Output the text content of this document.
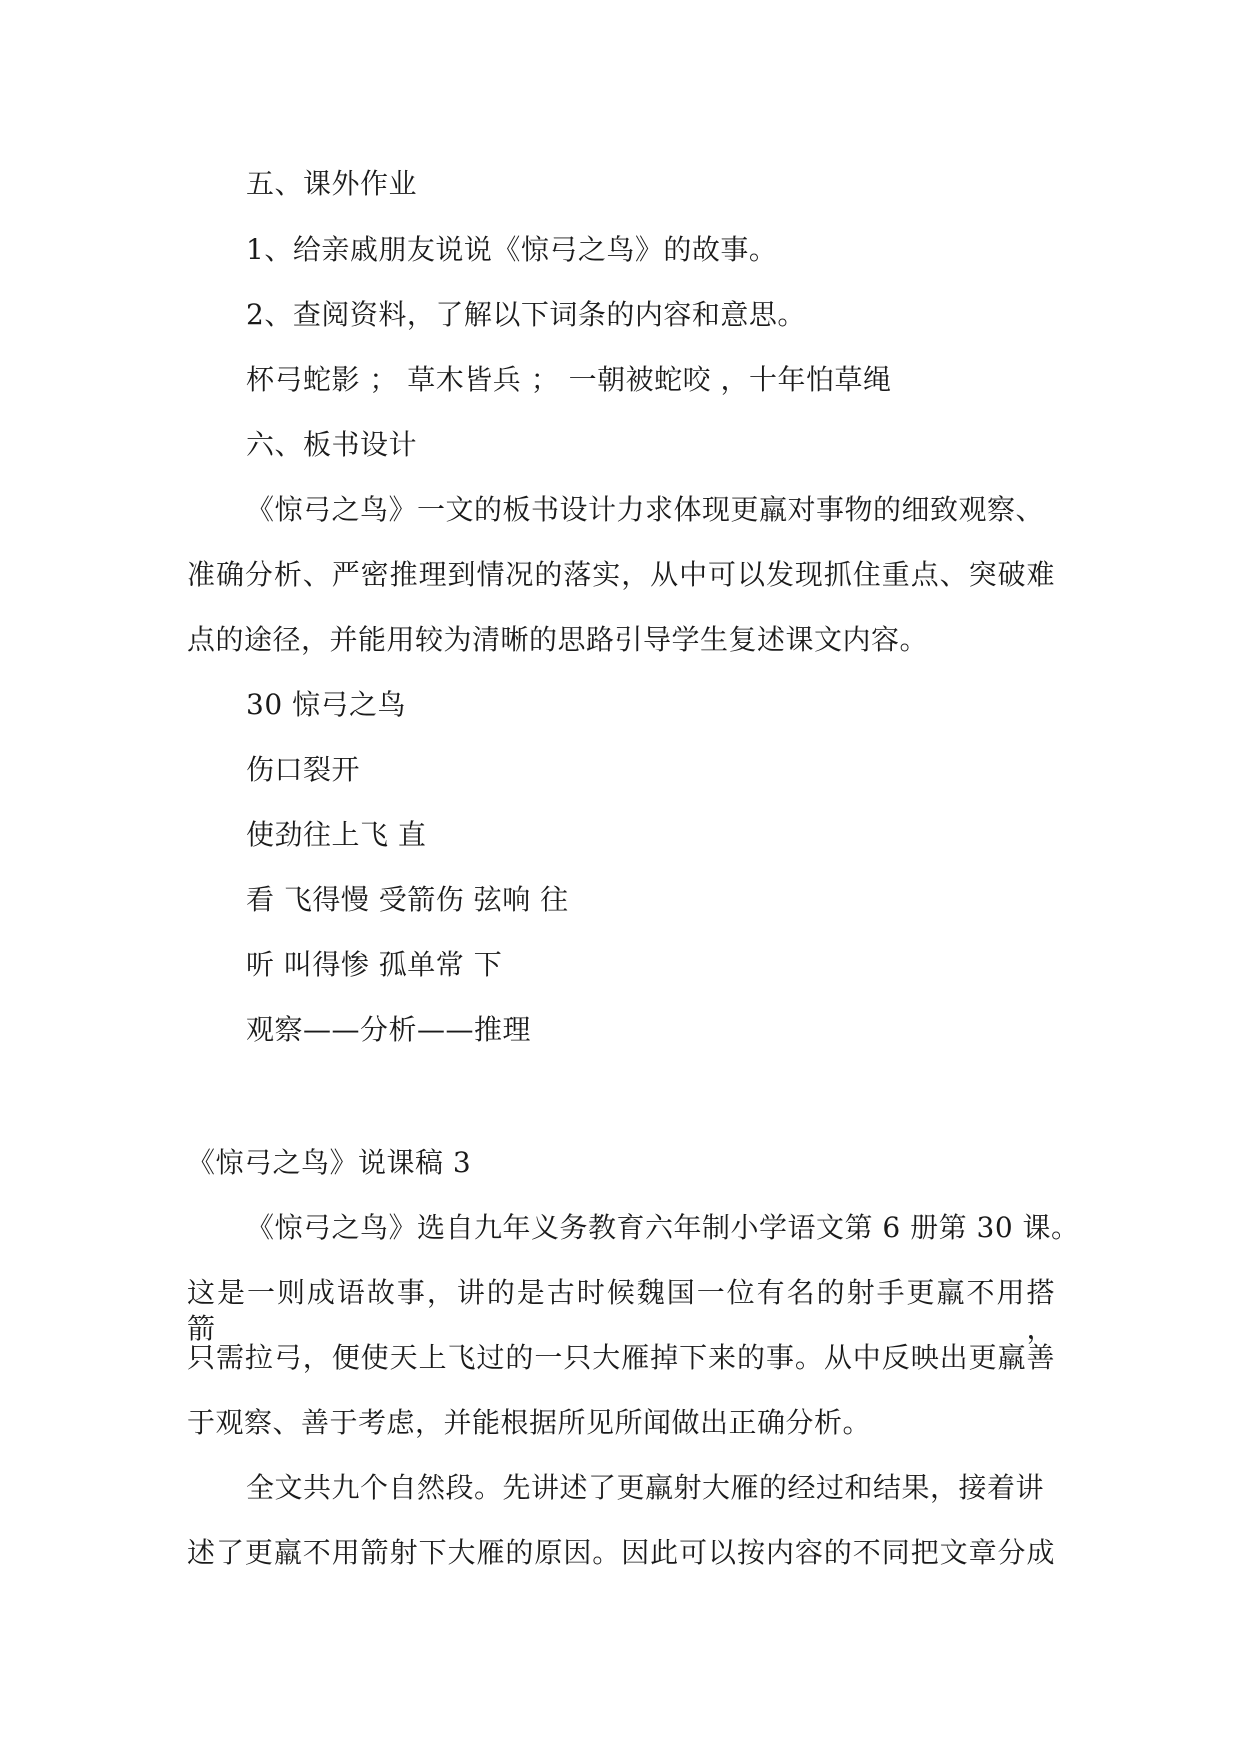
五、课外作业
1、给亲戚朋友说说《惊弓之鸟》的故事。
2、查阅资料，了解以下词条的内容和意思。
杯弓蛇影 ； 草木皆兵 ； 一朝被蛇咬 ，十年怕草绳
六、板书设计
《惊弓之鸟》一文的板书设计力求体现更羸对事物的细致观察、
准确分析、严密推理到情况的落实，从中可以发现抓住重点、突破难
点的途径，并能用较为清晰的思路引导学生复述课文内容。
30 惊弓之鸟
伤口裂开
使劲往上飞 直
看 飞得慢 受箭伤 弦响 往
听 叫得惨 孤单常 下
观察——分析——推理
《惊弓之鸟》说课稿 3
《惊弓之鸟》选自九年义务教育六年制小学语文第 6 册第 30 课。
这是一则成语故事，讲的是古时候魏国一位有名的射手更羸不用搭箭，
只需拉弓，便使天上飞过的一只大雁掉下来的事。从中反映出更羸善
于观察、善于考虑，并能根据所见所闻做出正确分析。
全文共九个自然段。先讲述了更羸射大雁的经过和结果，接着讲
述了更羸不用箭射下大雁的原因。因此可以按内容的不同把文章分成
